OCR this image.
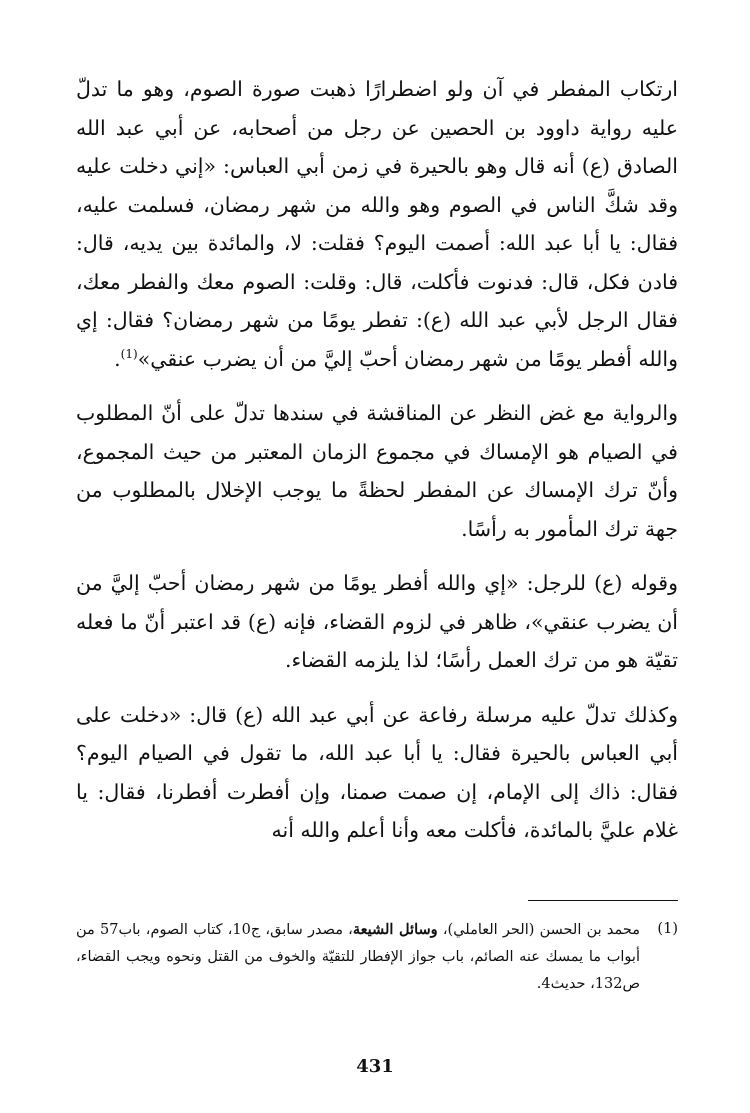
ارتكاب المفطر في آن ولو اضطرارًا ذهبت صورة الصوم، وهو ما تدلّ عليه رواية داوود بن الحصين عن رجل من أصحابه، عن أبي عبد الله الصادق (ع) أنه قال وهو بالحيرة في زمن أبي العباس: «إني دخلت عليه وقد شكَّ الناس في الصوم وهو والله من شهر رمضان، فسلمت عليه، فقال: يا أبا عبد الله: أصمت اليوم؟ فقلت: لا، والمائدة بين يديه، قال: فادن فكل، قال: فدنوت فأكلت، قال: وقلت: الصوم معك والفطر معك، فقال الرجل لأبي عبد الله (ع): تفطر يومًا من شهر رمضان؟ فقال: إي والله أفطر يومًا من شهر رمضان أحبّ إليَّ من أن يضرب عنقي»$^{(1)}$.

والرواية مع غض النظر عن المناقشة في سندها تدلّ على أنّ المطلوب في الصيام هو الإمساك في مجموع الزمان المعتبر من حيث المجموع، وأنّ ترك الإمساك عن المفطر لحظةً ما يوجب الإخلال بالمطلوب من جهة ترك المأمور به رأسًا.

وقوله (ع) للرجل: «إي والله أفطر يومًا من شهر رمضان أحبّ إليَّ من أن يضرب عنقي»، ظاهر في لزوم القضاء، فإنه (ع) قد اعتبر أنّ ما فعله تقيّة هو من ترك العمل رأسًا؛ لذا يلزمه القضاء.

وكذلك تدلّ عليه مرسلة رفاعة عن أبي عبد الله (ع) قال: «دخلت على أبي العباس بالحيرة فقال: يا أبا عبد الله، ما تقول في الصيام اليوم؟ فقال: ذاك إلى الإمام، إن صمت صمنا، وإن أفطرت أفطرنا، فقال: يا غلام عليَّ بالمائدة، فأكلت معه وأنا أعلم والله أنه

(1)
محمد بن الحسن (الحر العاملي)، وسائل الشيعة، مصدر سابق، ج10، كتاب الصوم، باب57 من أبواب ما يمسك عنه الصائم، باب جواز الإفطار للتقيّة والخوف من القتل ونحوه ويجب القضاء، ص132، حديث4.
431
